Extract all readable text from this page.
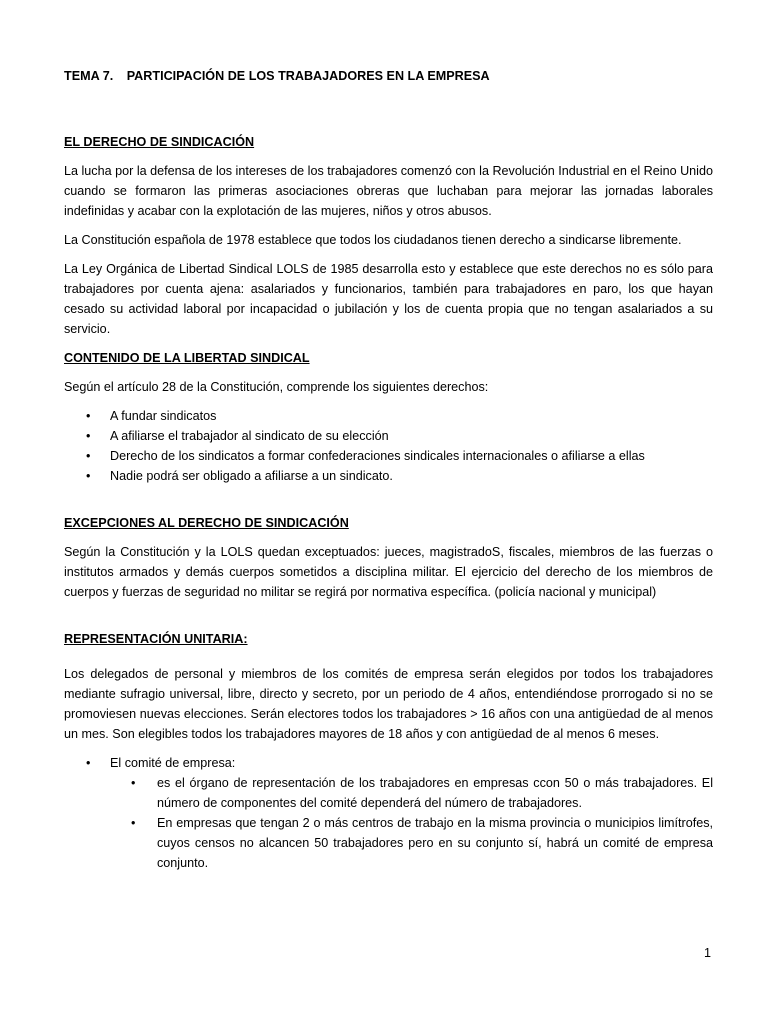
TEMA 7. PARTICIPACIÓN DE LOS TRABAJADORES EN LA EMPRESA
EL DERECHO DE SINDICACIÓN

La lucha por la defensa de los intereses de los trabajadores comenzó con la Revolución Industrial en el Reino Unido cuando se formaron las primeras asociaciones obreras que luchaban para mejorar las jornadas laborales indefinidas y acabar con la explotación de las mujeres, niños y otros abusos.

La Constitución española de 1978 establece que todos los ciudadanos tienen derecho a sindicarse libremente.

La Ley Orgánica de Libertad Sindical LOLS de 1985 desarrolla esto y establece que este derechos no es sólo para trabajadores por cuenta ajena: asalariados y funcionarios, también para trabajadores en paro, los que hayan cesado su actividad laboral por incapacidad o jubilación y los de cuenta propia que no tengan asalariados a su servicio.

CONTENIDO DE LA LIBERTAD SINDICAL

Según el artículo 28 de la Constitución, comprende los siguientes derechos:

• A fundar sindicatos
• A afiliarse el trabajador al sindicato de su elección
• Derecho de los sindicatos a formar confederaciones sindicales internacionales o afiliarse a ellas
• Nadie podrá ser obligado a afiliarse a un sindicato.
EXCEPCIONES AL DERECHO DE SINDICACIÓN

Según la Constitución y la LOLS quedan exceptuados: jueces, magistradoS, fiscales, miembros de las fuerzas o institutos armados y demás cuerpos sometidos a disciplina militar. El ejercicio del derecho de los miembros de cuerpos y fuerzas de seguridad no militar se regirá por normativa específica. (policía nacional y municipal)

REPRESENTACIÓN UNITARIA:

Los delegados de personal y miembros de los comités de empresa serán elegidos por todos los trabajadores mediante sufragio universal, libre, directo y secreto, por un periodo de 4 años, entendiéndose prorrogado si no se promoviesen nuevas elecciones. Serán electores todos los trabajadores > 16 años con una antigüedad de al menos un mes. Son elegibles todos los trabajadores mayores de 18 años y con antigüedad de al menos 6 meses.

• El comité de empresa:
• es el órgano de representación de los trabajadores en empresas ccon 50 o más trabajadores. El número de componentes del comité dependerá del número de trabajadores.
• En empresas que tengan 2 o más centros de trabajo en la misma provincia o municipios limítrofes, cuyos censos no alcancen 50 trabajadores pero en su conjunto sí, habrá un comité de empresa conjunto.
1
